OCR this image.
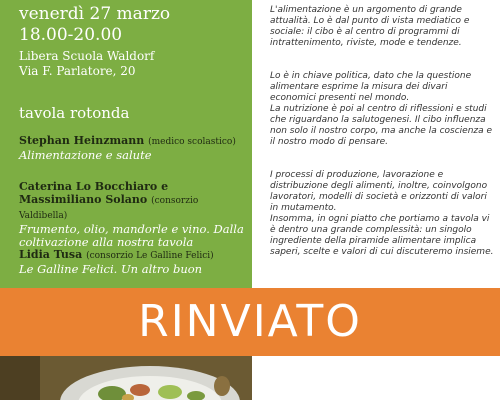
venerdì 27 marzo
18.00-20.00
Libera Scuola Waldorf
Via F. Parlatore, 20
tavola rotonda
Stephan Heinzmann (medico scolastico)
Alimentazione e salute
Caterina Lo Bocchiaro e Massimiliano Solano (consorzio Valdibella)
Frumento, olio, mandorle e vino. Dalla coltivazione alla nostra tavola
Lidia Tusa (consorzio Le Galline Felici)
Le Galline Felici. Un altro buon

L'alimentazione è un argomento di grande attualità. Lo è dal punto di vista mediatico e sociale: il cibo è al centro di programmi di intrattenimento, riviste, mode e tendenze.

Lo è in chiave politica, dato che la questione alimentare esprime la misura dei divari economici presenti nel mondo.

La nutrizione è poi al centro di riflessioni e studi che riguardano la salutogenesi. Il cibo influenza non solo il nostro corpo, ma anche la coscienza e il nostro modo di pensare.

I processi di produzione, lavorazione e distribuzione degli alimenti, inoltre, coinvolgono lavoratori, modelli di società e orizzonti di valori in mutamento.

Insomma, in ogni piatto che portiamo a tavola vi è dentro una grande complessità: un singolo ingrediente della piramide alimentare implica saperi, scelte e valori di cui discuteremo insieme.

RINVIATO
